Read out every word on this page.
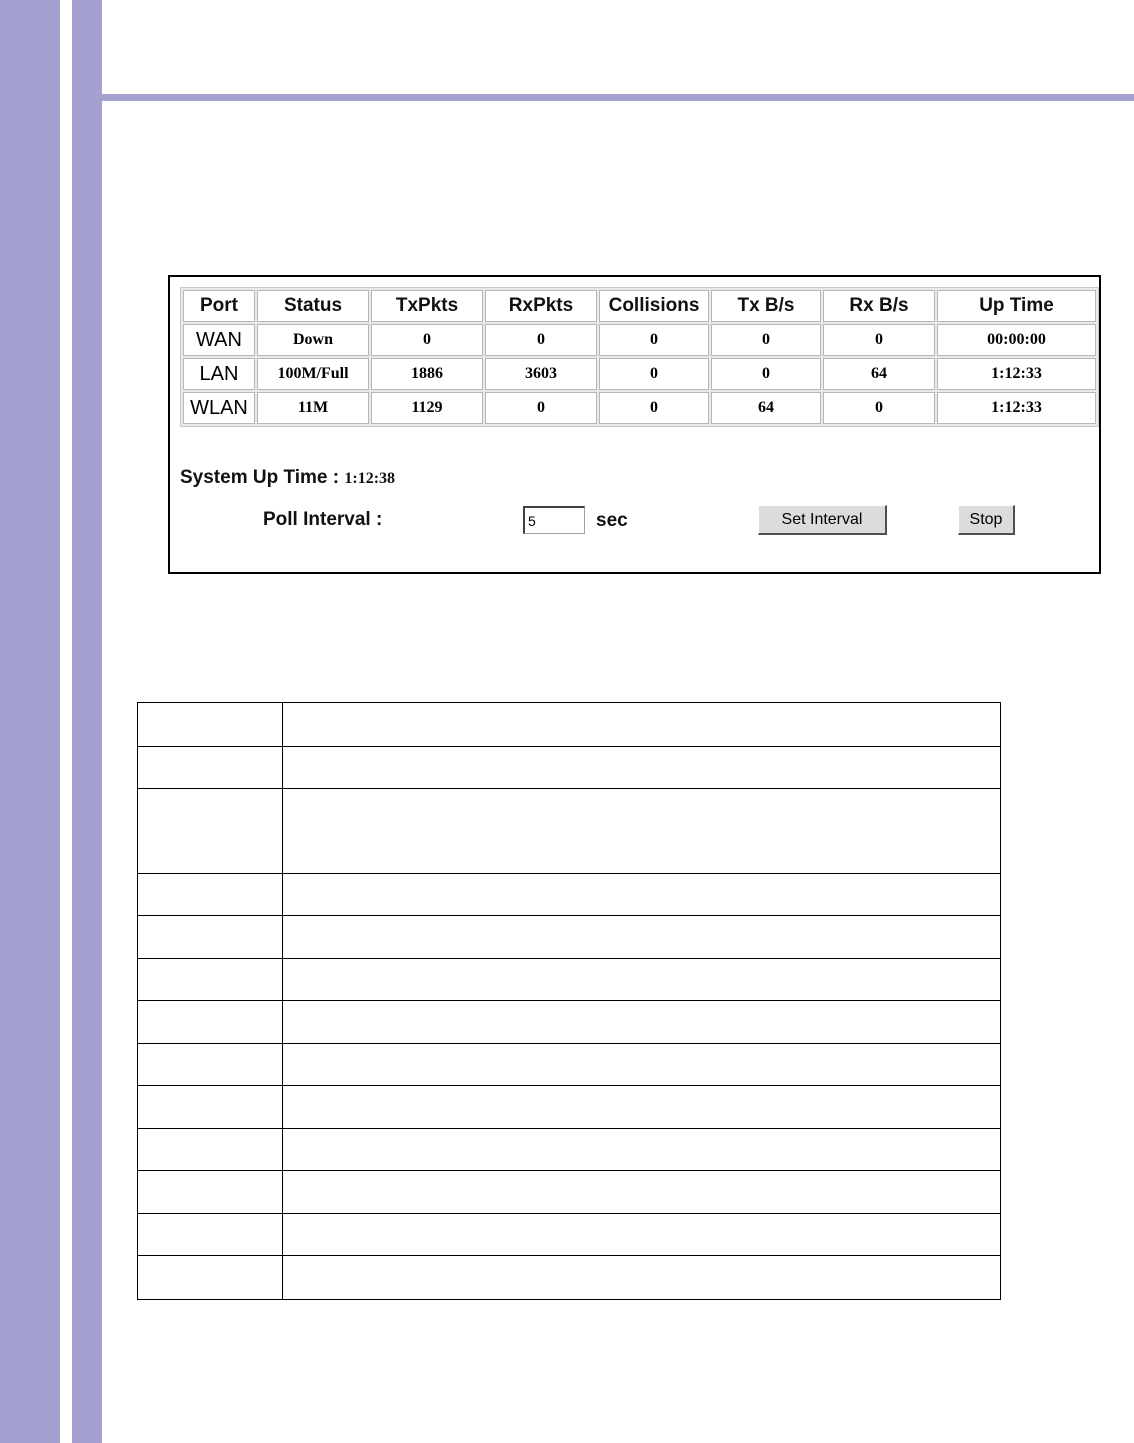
Port	Status	TxPkts	RxPkts	Collisions	Tx B/s	Rx B/s	Up Time
WAN	Down	0	0	0	0	0	00:00:00
LAN	100M/Full	1886	3603	0	0	64	1:12:33
WLAN	11M	1129	0	0	64	0	1:12:33
System Up Time : 1:12:38
Poll Interval :
5	sec	Set Interval	Stop
